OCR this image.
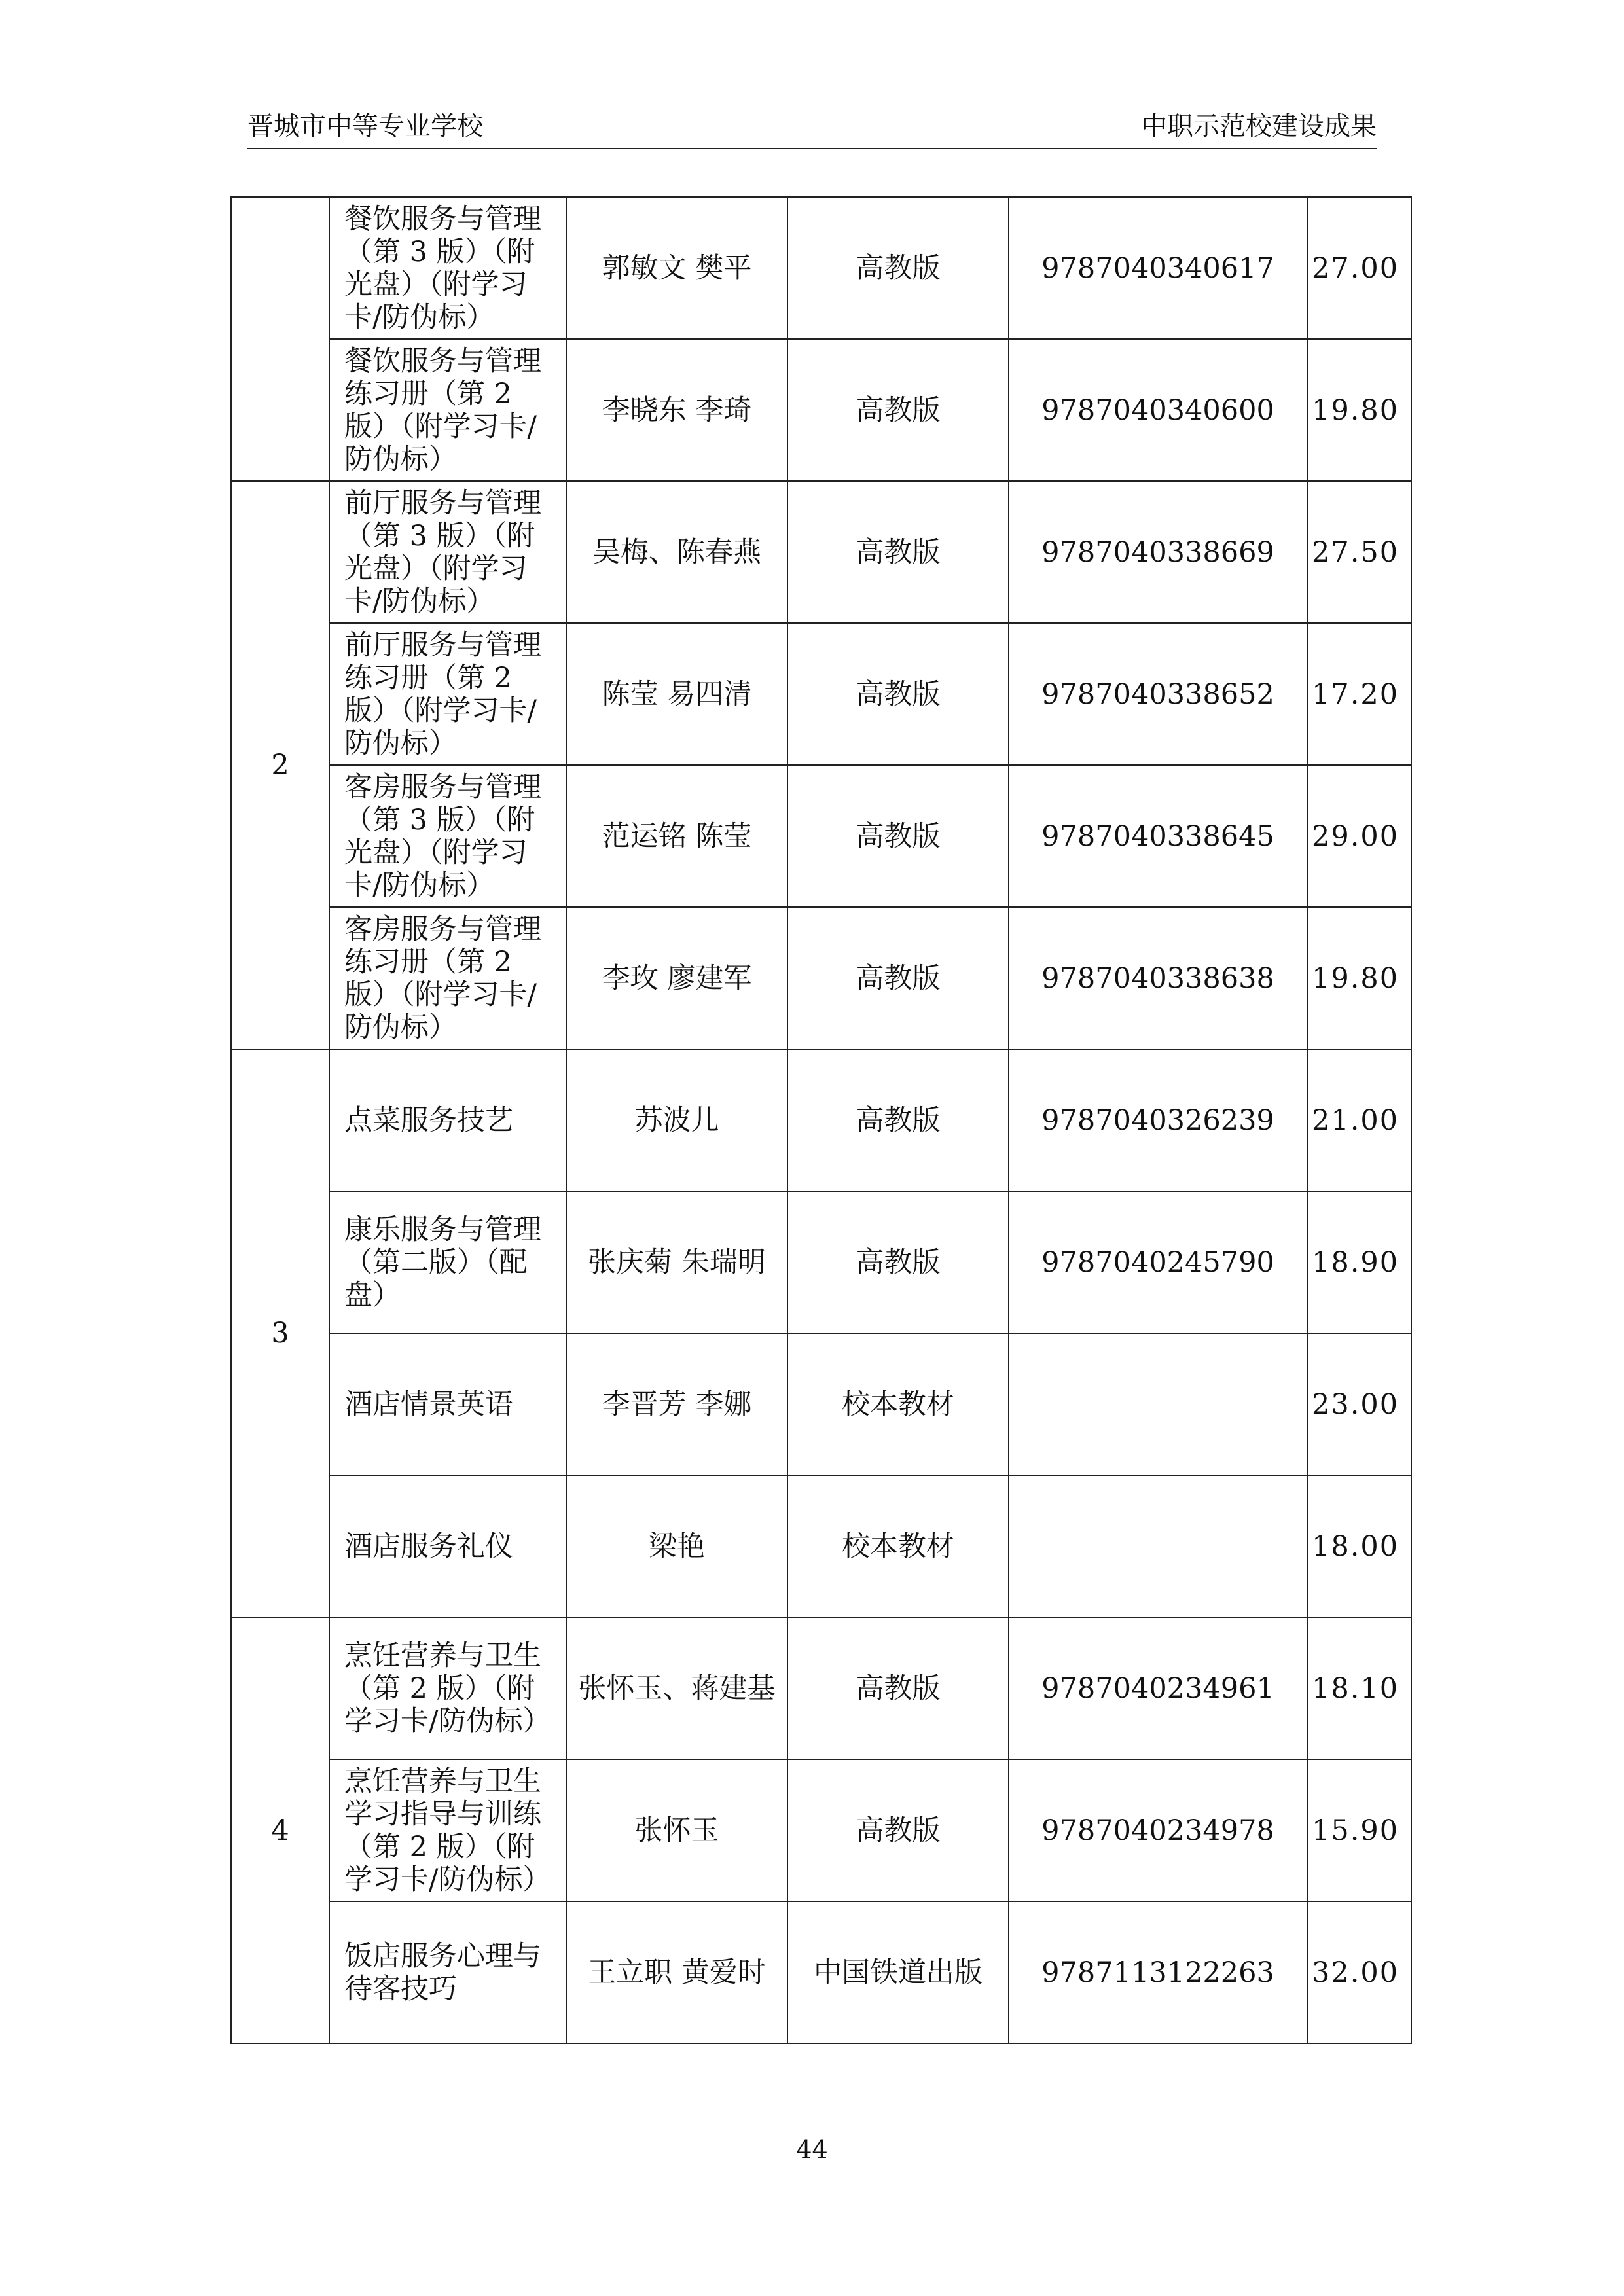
晋城市中等专业学校	中职示范校建设成果
	餐饮服务与管理（第 3 版）（附光盘）（附学习卡/防伪标）	郭敏文 樊平	高教版	9787040340617	27.00
	餐饮服务与管理练习册（第 2 版）（附学习卡/防伪标）	李晓东 李琦	高教版	9787040340600	19.80
2	前厅服务与管理（第 3 版）（附光盘）（附学习卡/防伪标）	吴梅、陈春燕	高教版	9787040338669	27.50
	前厅服务与管理练习册（第 2 版）（附学习卡/防伪标）	陈莹 易四清	高教版	9787040338652	17.20
	客房服务与管理（第 3 版）（附光盘）（附学习卡/防伪标）	范运铭 陈莹	高教版	9787040338645	29.00
	客房服务与管理练习册（第 2 版）（附学习卡/防伪标）	李玫 廖建军	高教版	9787040338638	19.80
3	点菜服务技艺	苏波儿	高教版	9787040326239	21.00
	康乐服务与管理（第二版）（配盘）	张庆菊 朱瑞明	高教版	9787040245790	18.90
	酒店情景英语	李晋芳 李娜	校本教材		23.00
	酒店服务礼仪	梁艳	校本教材		18.00
4	烹饪营养与卫生（第 2 版）（附学习卡/防伪标）	张怀玉、蒋建基	高教版	9787040234961	18.10
	烹饪营养与卫生学习指导与训练（第 2 版）（附学习卡/防伪标）	张怀玉	高教版	9787040234978	15.90
	饭店服务心理与待客技巧	王立职 黄爱时	中国铁道出版	9787113122263	32.00
44
